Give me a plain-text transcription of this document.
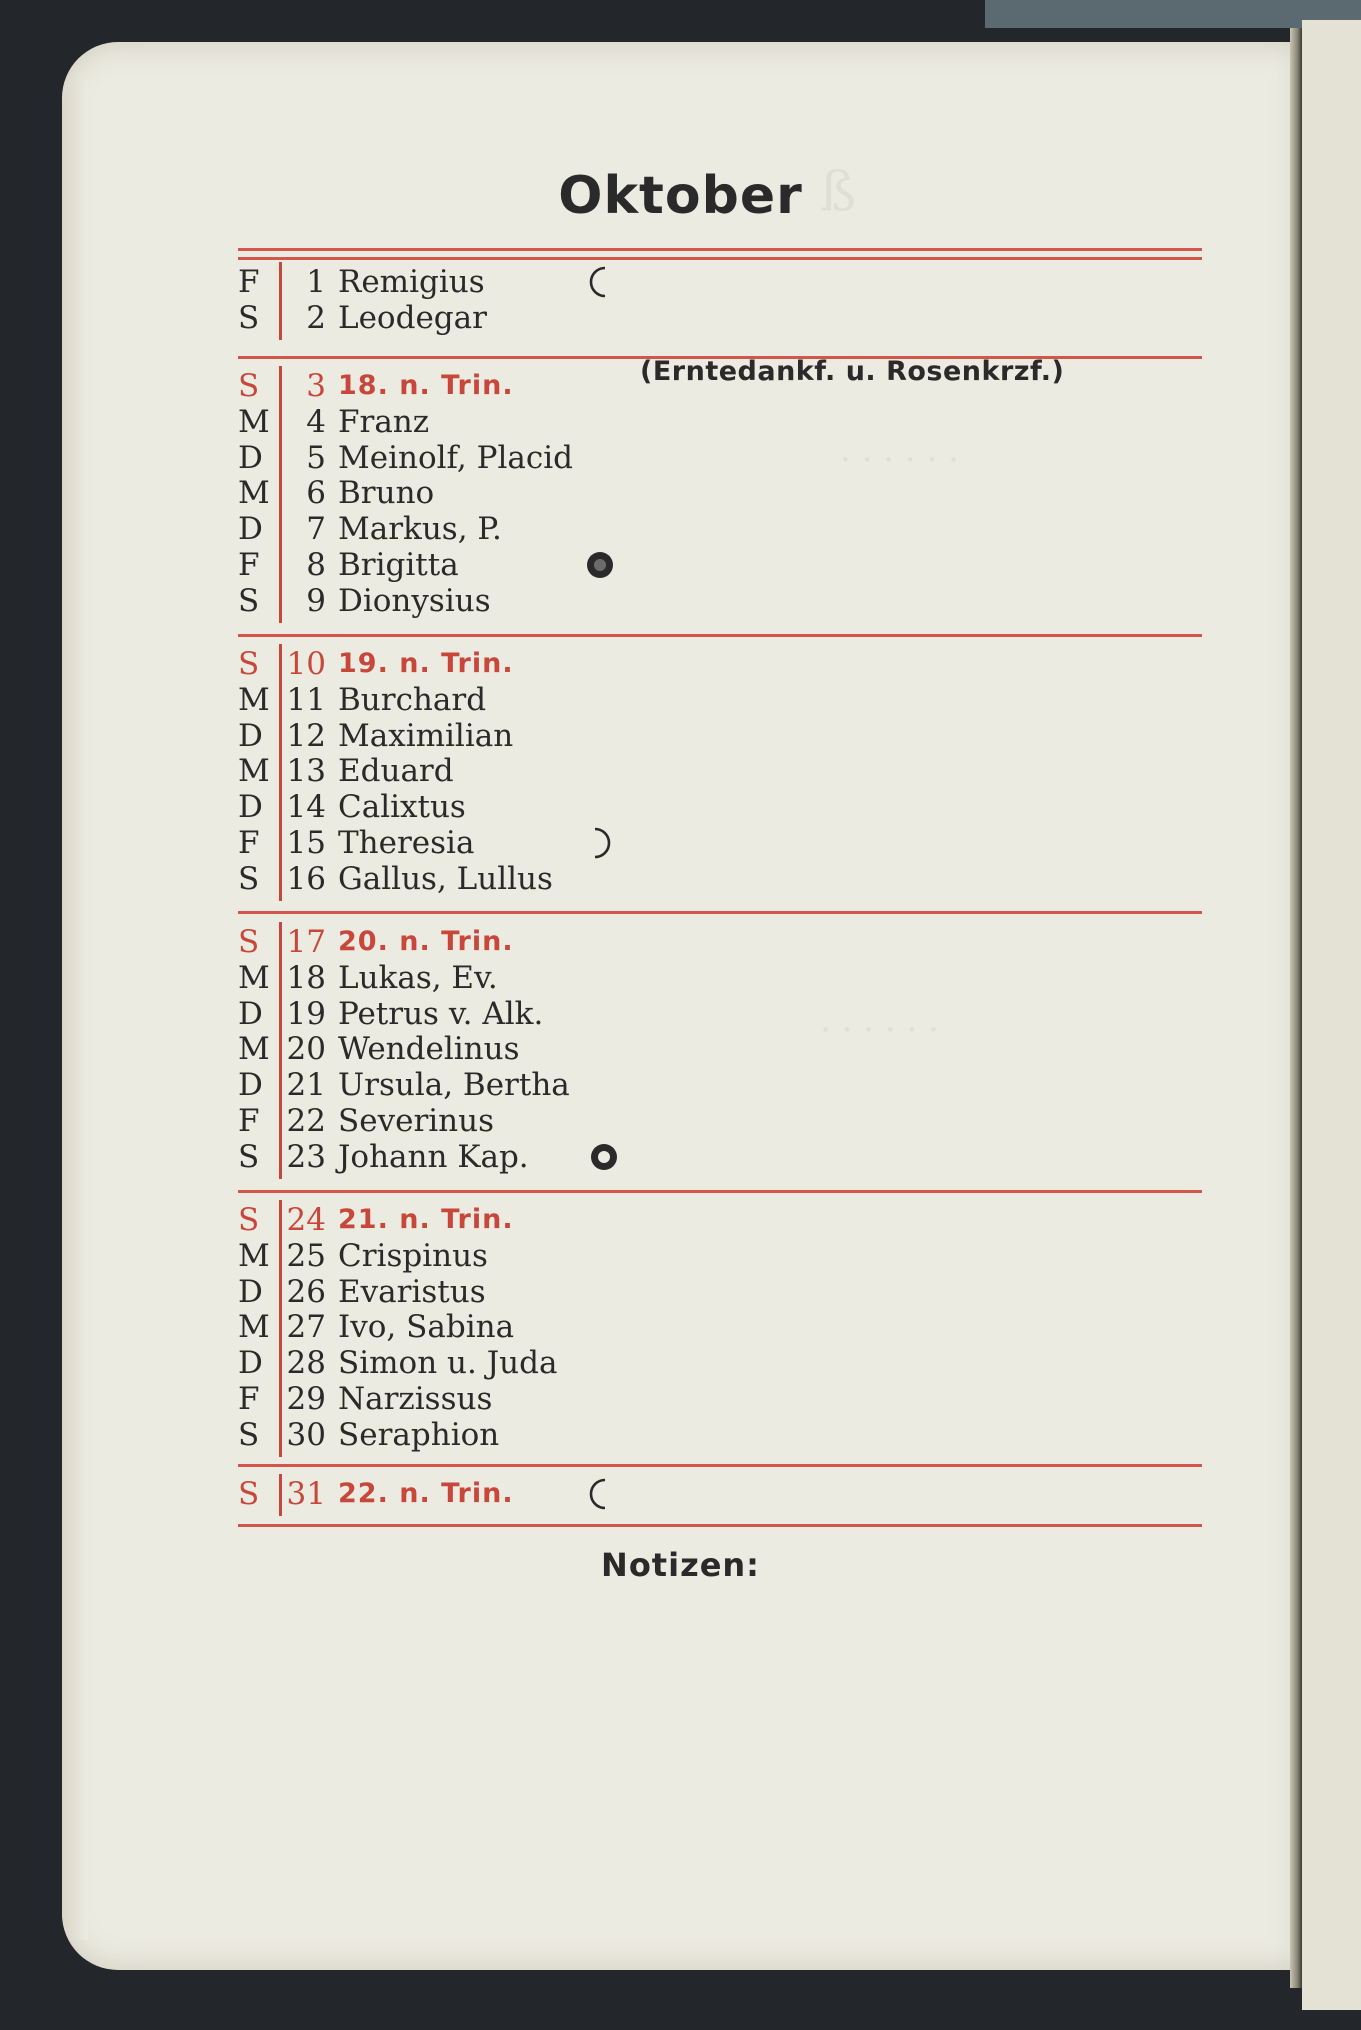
ß
. . . . . .
. . . . . .
Oktober
F	1 Remigius
S	2 Leodegar
S	3 18. n. Trin.
M	4 Franz
D	5 Meinolf, Placid
M	6 Bruno
D	7 Markus, P.
F	8 Brigitta
S	9 Dionysius
S 10 19. n. Trin.
M 11 Burchard
D 12 Maximilian
M 13 Eduard
D 14 Calixtus
F 15 Theresia
S 16 Gallus, Lullus
S 17 20. n. Trin.
M 18 Lukas, Ev.
D 19 Petrus v. Alk.
M 20 Wendelinus
D 21 Ursula, Bertha
F 22 Severinus
S 23 Johann Kap.
S 24 21. n. Trin.
M 25 Crispinus
D 26 Evaristus
M 27 Ivo, Sabina
D 28 Simon u. Juda
F 29 Narzissus
S 30 Seraphion
S 31 22. n. Trin.
(Erntedankf. u. Rosenkrzf.)
Notizen:
